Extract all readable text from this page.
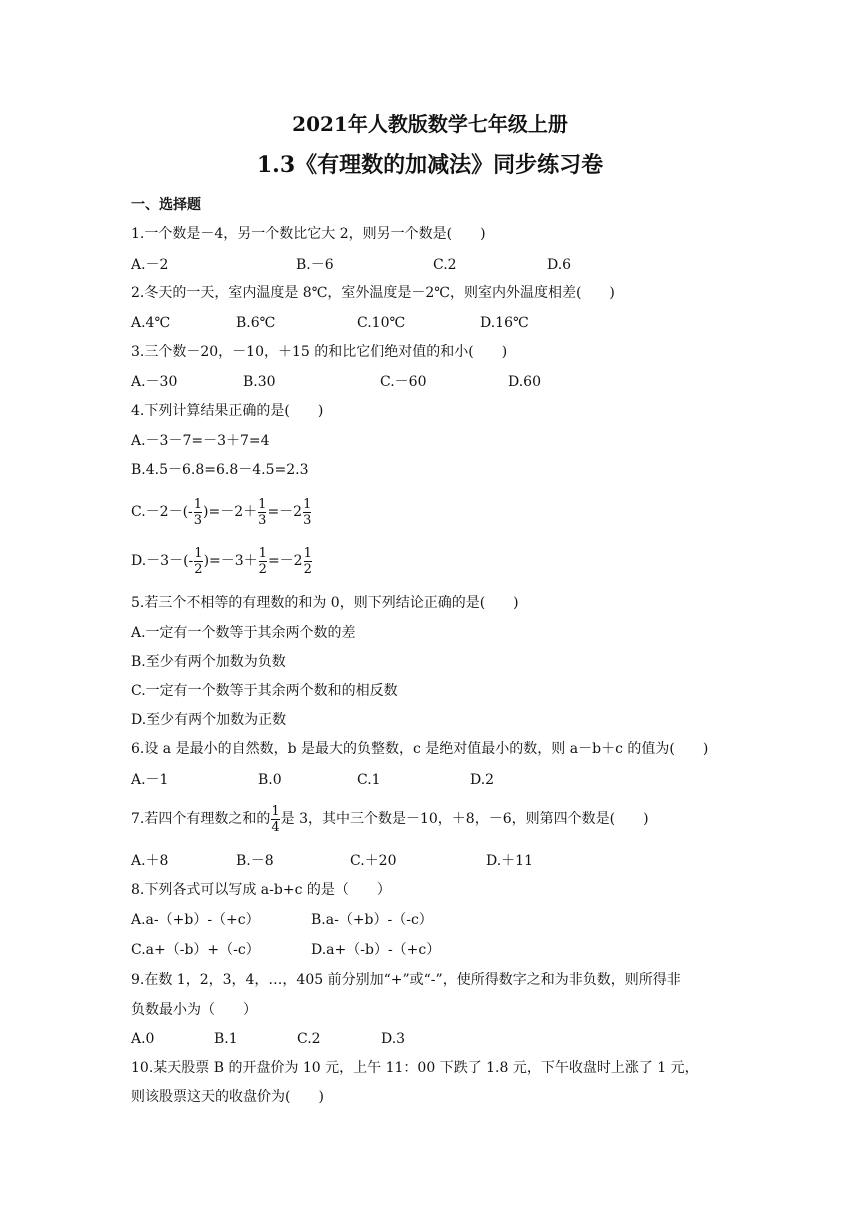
2021年人教版数学七年级上册
1.3《有理数的加减法》同步练习卷
一、选择题
1.一个数是－4，另一个数比它大 2，则另一个数是(　　)
A.－2	B.－6	C.2	D.6
2.冬天的一天，室内温度是 8℃，室外温度是－2℃，则室内外温度相差(　　)
A.4℃	B.6℃	C.10℃	D.16℃
3.三个数－20，－10，＋15 的和比它们绝对值的和小(　　)
A.－30	B.30	C.－60	D.60
4.下列计算结果正确的是(　　)
A.－3－7=－3＋7=4
B.4.5－6.8=6.8－4.5=2.3
$C.-2-(- \frac{1}{3} )=-2+ \frac{1}{3} =-2 \frac{1}{3}$
$D.-3-(- \frac{1}{2} )=-3+ \frac{1}{2} =-2 \frac{1}{2}$
5.若三个不相等的有理数的和为 0，则下列结论正确的是(　　)
A.一定有一个数等于其余两个数的差
B.至少有两个加数为负数
C.一定有一个数等于其余两个数和的相反数
D.至少有两个加数为正数
6.设 a 是最小的自然数，b 是最大的负整数，c 是绝对值最小的数，则 a－b＋c 的值为(　　)
A.－1	B.0	C.1	D.2
7.若四个有理数之和的 $\frac{1}{4}$ 是 3，其中三个数是－10，＋8，－6，则第四个数是(　　)
A.＋8	B.－8	C.＋20	D.＋11
8.下列各式可以写成 a-b+c 的是（　　）
A.a-（+b）-（+c）	B.a-（+b）-（-c）
C.a+（-b）+（-c）	D.a+（-b）-（+c）
9.在数 1，2，3，4，…，405 前分别加“+”或“-”，使所得数字之和为非负数，则所得非
负数最小为（　　）
A.0	B.1	C.2	D.3
10.某天股票 B 的开盘价为 10 元，上午 11：00 下跌了 1.8 元，下午收盘时上涨了 1 元，
则该股票这天的收盘价为(　　)
